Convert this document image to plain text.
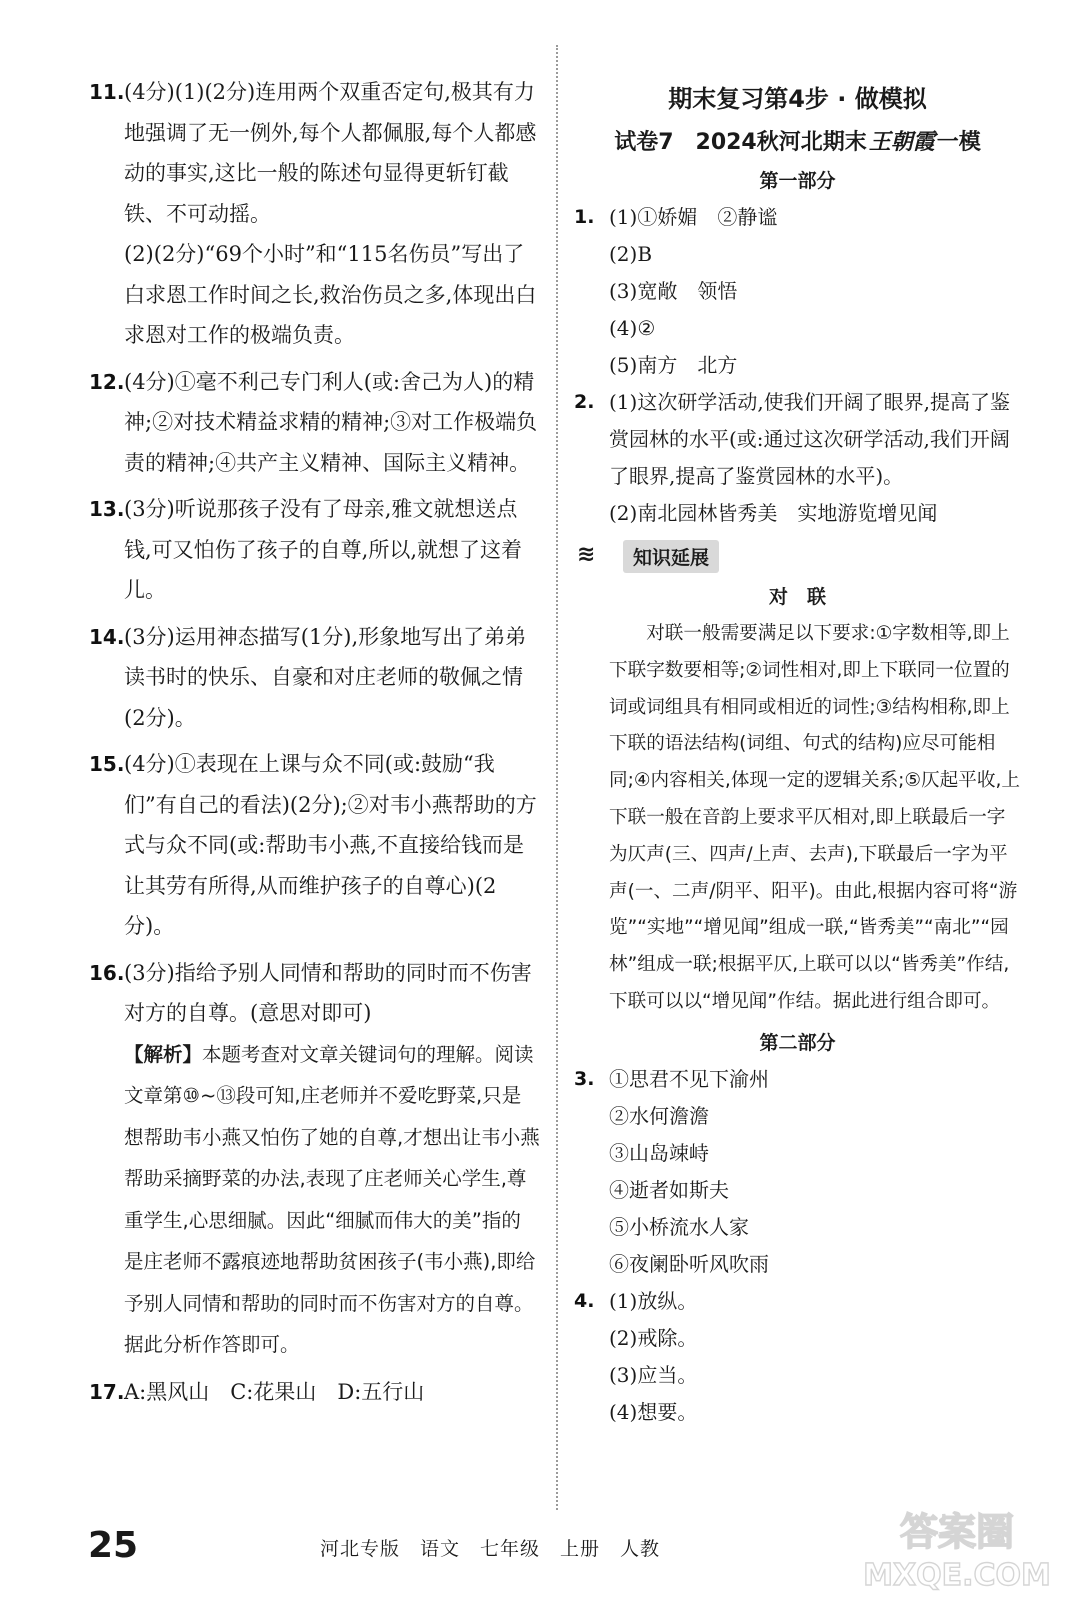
11. (4分)(1)(2分)连用两个双重否定句,极其有力地强调了无一例外,每个人都佩服,每个人都感动的事实,这比一般的陈述句显得更斩钉截铁、不可动摇。
(2)(2分)“69个小时”和“115名伤员”写出了白求恩工作时间之长,救治伤员之多,体现出白求恩对工作的极端负责。
12. (4分)①毫不利己专门利人(或:舍己为人)的精神;②对技术精益求精的精神;③对工作极端负责的精神;④共产主义精神、国际主义精神。
13. (3分)听说那孩子没有了母亲,雅文就想送点钱,可又怕伤了孩子的自尊,所以,就想了这着儿。
14. (3分)运用神态描写(1分),形象地写出了弟弟读书时的快乐、自豪和对庄老师的敬佩之情(2分)。
15. (4分)①表现在上课与众不同(或:鼓励“我们”有自己的看法)(2分);②对韦小燕帮助的方式与众不同(或:帮助韦小燕,不直接给钱而是让其劳有所得,从而维护孩子的自尊心)(2分)。
16. (3分)指给予别人同情和帮助的同时而不伤害对方的自尊。(意思对即可)
【解析】本题考查对文章关键词句的理解。阅读文章第⑩~⑬段可知,庄老师并不爱吃野菜,只是想帮助韦小燕又怕伤了她的自尊,才想出让韦小燕帮助采摘野菜的办法,表现了庄老师关心学生,尊重学生,心思细腻。因此“细腻而伟大的美”指的是庄老师不露痕迹地帮助贫困孩子(韦小燕),即给予别人同情和帮助的同时而不伤害对方的自尊。据此分析作答即可。
17. A:黑风山　C:花果山　D:五行山
期末复习第4步 · 做模拟
试卷7　2024秋河北期末王朝霞一模
第一部分
1. (1)①娇媚　②静谧
(2)B
(3)宽敞　领悟
(4)②
(5)南方　北方
2. (1)这次研学活动,使我们开阔了眼界,提高了鉴赏园林的水平(或:通过这次研学活动,我们开阔了眼界,提高了鉴赏园林的水平)。
(2)南北园林皆秀美　实地游览增见闻
≋	知识延展
对　联
对联一般需要满足以下要求:①字数相等,即上下联字数要相等;②词性相对,即上下联同一位置的词或词组具有相同或相近的词性;③结构相称,即上下联的语法结构(词组、句式的结构)应尽可能相同;④内容相关,体现一定的逻辑关系;⑤仄起平收,上下联一般在音韵上要求平仄相对,即上联最后一字为仄声(三、四声/上声、去声),下联最后一字为平声(一、二声/阴平、阳平)。由此,根据内容可将“游览”“实地”“增见闻”组成一联,“皆秀美”“南北”“园林”组成一联;根据平仄,上联可以以“皆秀美”作结,下联可以以“增见闻”作结。据此进行组合即可。
第二部分
3. ①思君不见下渝州
②水何澹澹
③山岛竦峙
④逝者如斯夫
⑤小桥流水人家
⑥夜阑卧听风吹雨
4. (1)放纵。
(2)戒除。
(3)应当。
(4)想要。
25	河北专版　语文　七年级　上册　人教	答案圈
MXQE.COM
